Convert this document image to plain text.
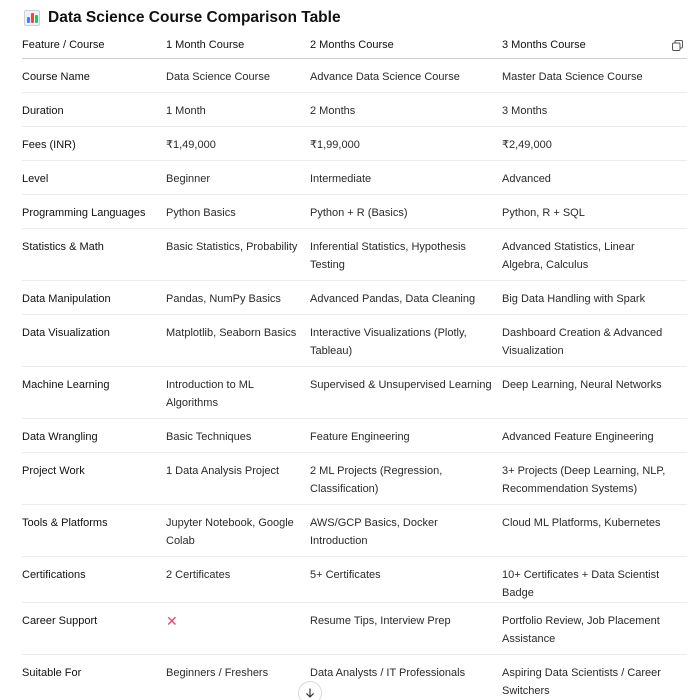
Data Science Course Comparison Table
Feature / Course	1 Month Course	2 Months Course	3 Months Course

Course Name	Data Science Course	Advance Data Science Course	Master Data Science Course
Duration	1 Month	2 Months	3 Months
Fees (INR)	₹1,49,000	₹1,99,000	₹2,49,000
Level	Beginner	Intermediate	Advanced
Programming Languages	Python Basics	Python + R (Basics)	Python, R + SQL
Statistics & Math	Basic Statistics, Probability	Inferential Statistics, Hypothesis Testing	Advanced Statistics, Linear Algebra, Calculus
Data Manipulation	Pandas, NumPy Basics	Advanced Pandas, Data Cleaning	Big Data Handling with Spark
Data Visualization	Matplotlib, Seaborn Basics	Interactive Visualizations (Plotly, Tableau)	Dashboard Creation & Advanced Visualization
Machine Learning	Introduction to ML Algorithms	Supervised & Unsupervised Learning	Deep Learning, Neural Networks
Data Wrangling	Basic Techniques	Feature Engineering	Advanced Feature Engineering
Project Work	1 Data Analysis Project	2 ML Projects (Regression, Classification)	3+ Projects (Deep Learning, NLP, Recommendation Systems)
Tools & Platforms	Jupyter Notebook, Google Colab	AWS/GCP Basics, Docker Introduction	Cloud ML Platforms, Kubernetes
Certifications	2 Certificates	5+ Certificates	10+ Certificates + Data Scientist Badge
Career Support	✕	Resume Tips, Interview Prep	Portfolio Review, Job Placement Assistance
Suitable For	Beginners / Freshers	Data Analysts / IT Professionals	Aspiring Data Scientists / Career Switchers
